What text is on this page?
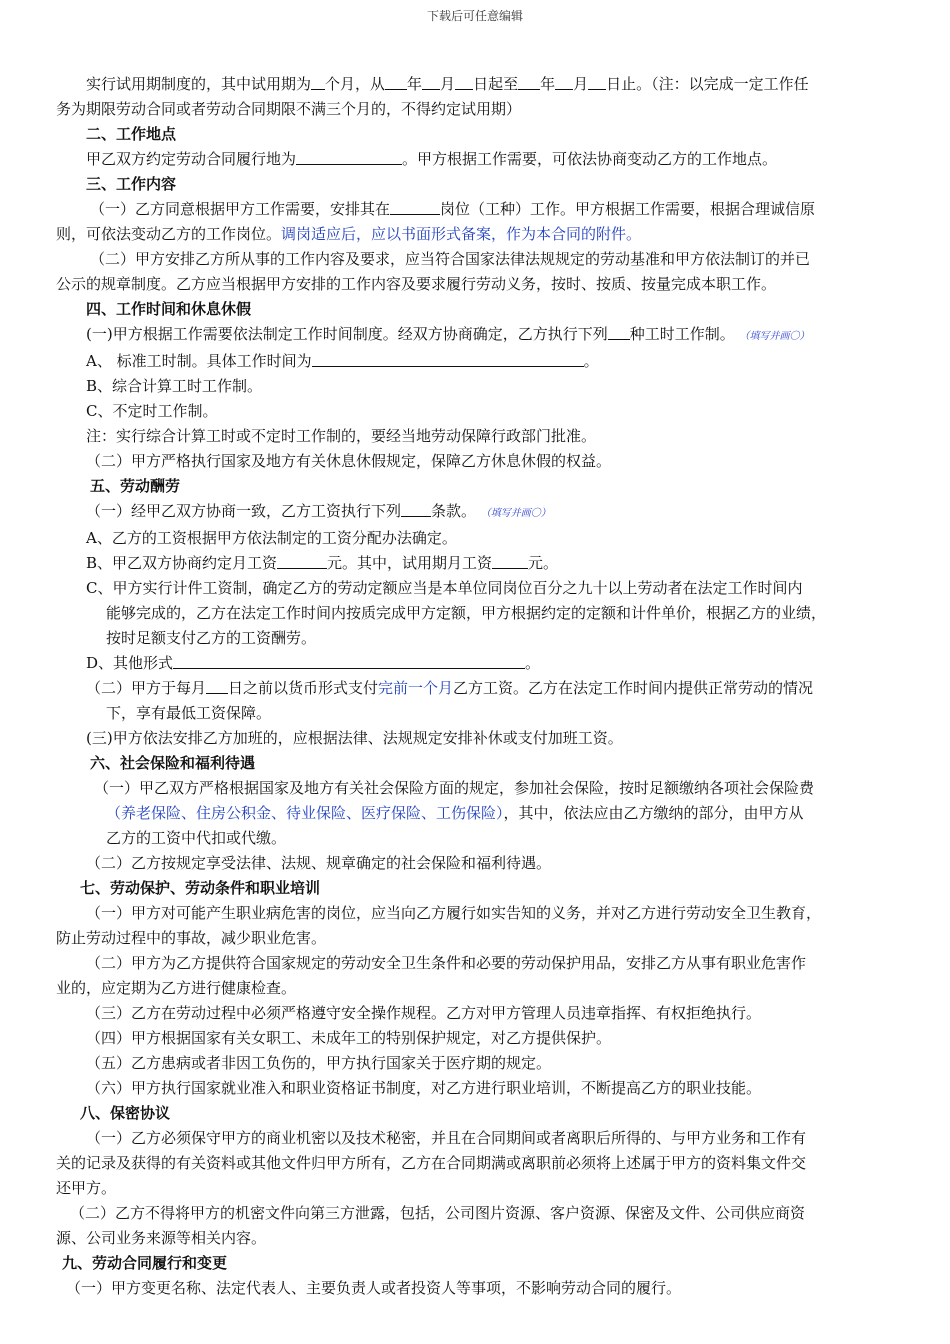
下载后可任意编辑

实行试用期制度的，其中试用期为 个月，从 年 月 日起至 年 月 日止。（注：以完成一定工作任

务为期限劳动合同或者劳动合同期限不满三个月的，不得约定试用期）

二、工作地点

甲乙双方约定劳动合同履行地为	。甲方根据工作需要，可依法协商变动乙方的工作地点。

三、工作内容

（一）乙方同意根据甲方工作需要，安排其在	岗位（工种）工作。甲方根据工作需要，根据合理诚信原

则，可依法变动乙方的工作岗位。调岗适应后，应以书面形式备案，作为本合同的附件。

（二）甲方安排乙方所从事的工作内容及要求，应当符合国家法律法规规定的劳动基准和甲方依法制订的并已

公示的规章制度。乙方应当根据甲方安排的工作内容及要求履行劳动义务，按时、按质、按量完成本职工作。

四、工作时间和休息休假

(一)甲方根据工作需要依法制定工作时间制度。经双方协商确定，乙方执行下列 种工时工作制。 （填写并画〇）

A、 标准工时制。具体工作时间为	。

B、综合计算工时工作制。

C、不定时工作制。

注：实行综合计算工时或不定时工作制的，要经当地劳动保障行政部门批准。

（二）甲方严格执行国家及地方有关休息休假规定，保障乙方休息休假的权益。

五、劳动酬劳

（一）经甲乙双方协商一致，乙方工资执行下列 条款。 （填写并画〇）

A、乙方的工资根据甲方依法制定的工资分配办法确定。

B、甲乙双方协商约定月工资	元。其中，试用期月工资 元。

C、甲方实行计件工资制，确定乙方的劳动定额应当是本单位同岗位百分之九十以上劳动者在法定工作时间内

能够完成的，乙方在法定工作时间内按质完成甲方定额，甲方根据约定的定额和计件单价，根据乙方的业绩，

按时足额支付乙方的工资酬劳。

D、其他形式	。

（二）甲方于每月 日之前以货币形式支付完前一个月乙方工资。乙方在法定工作时间内提供正常劳动的情况

下，享有最低工资保障。

(三)甲方依法安排乙方加班的，应根据法律、法规规定安排补休或支付加班工资。

六、社会保险和福利待遇

（一）甲乙双方严格根据国家及地方有关社会保险方面的规定，参加社会保险，按时足额缴纳各项社会保险费

（养老保险、住房公积金、待业保险、医疗保险、工伤保险），其中，依法应由乙方缴纳的部分，由甲方从

乙方的工资中代扣或代缴。

（二）乙方按规定享受法律、法规、规章确定的社会保险和福利待遇。

七、劳动保护、劳动条件和职业培训

（一）甲方对可能产生职业病危害的岗位，应当向乙方履行如实告知的义务，并对乙方进行劳动安全卫生教育，

防止劳动过程中的事故，减少职业危害。

（二）甲方为乙方提供符合国家规定的劳动安全卫生条件和必要的劳动保护用品，安排乙方从事有职业危害作

业的，应定期为乙方进行健康检查。

（三）乙方在劳动过程中必须严格遵守安全操作规程。乙方对甲方管理人员违章指挥、有权拒绝执行。

（四）甲方根据国家有关女职工、未成年工的特别保护规定，对乙方提供保护。

（五）乙方患病或者非因工负伤的，甲方执行国家关于医疗期的规定。

（六）甲方执行国家就业准入和职业资格证书制度，对乙方进行职业培训，不断提高乙方的职业技能。

八、保密协议

（一）乙方必须保守甲方的商业机密以及技术秘密，并且在合同期间或者离职后所得的、与甲方业务和工作有

关的记录及获得的有关资料或其他文件归甲方所有，乙方在合同期满或离职前必须将上述属于甲方的资料集文件交

还甲方。

（二）乙方不得将甲方的机密文件向第三方泄露，包括，公司图片资源、客户资源、保密及文件、公司供应商资

源、公司业务来源等相关内容。

九、劳动合同履行和变更

（一）甲方变更名称、法定代表人、主要负责人或者投资人等事项，不影响劳动合同的履行。
